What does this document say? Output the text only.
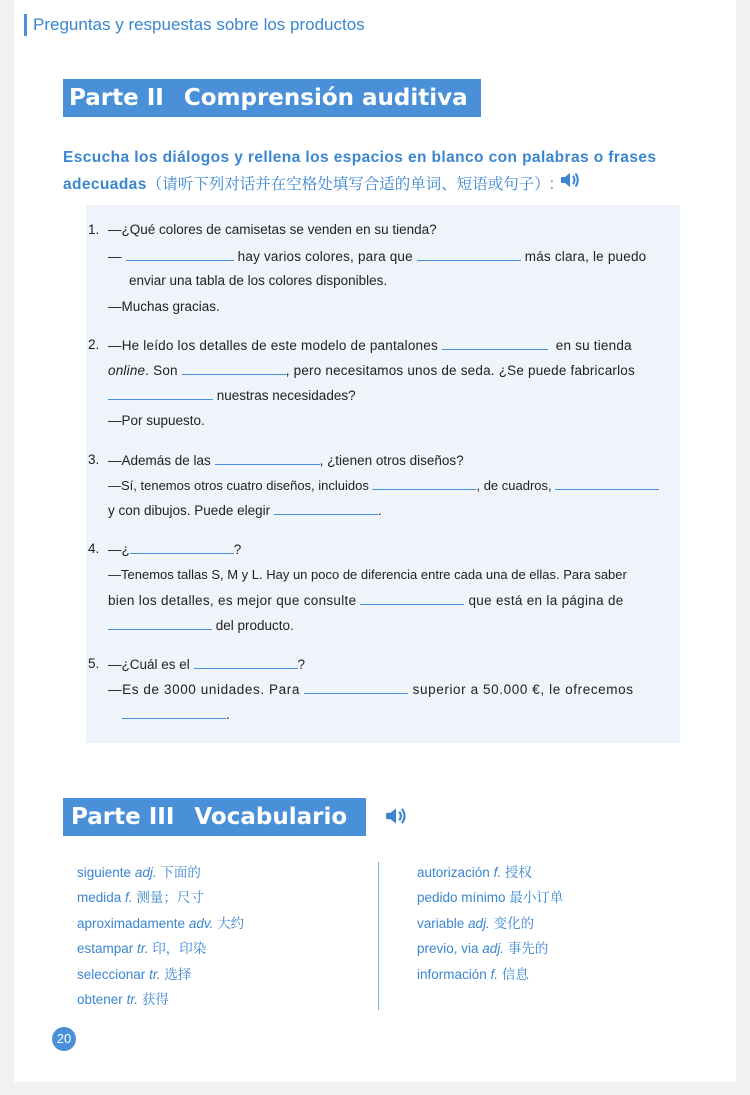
Preguntas y respuestas sobre los productos
Parte II Comprensión auditiva
Escucha los diálogos y rellena los espacios en blanco con palabras o frases
adecuadas（请听下列对话并在空格处填写合适的单词、短语或句子）:
1. —¿Qué colores de camisetas se venden en su tienda?
—	hay varios colores, para que	más clara, le puedo
enviar una tabla de los colores disponibles.
—Muchas gracias.
2. —He leído los detalles de este modelo de pantalones	en su tienda
online. Son	, pero necesitamos unos de seda. ¿Se puede fabricarlos
nuestras necesidades?
—Por supuesto.
3. —Además de las	, ¿tienen otros diseños?
—Sí, tenemos otros cuatro diseños, incluidos	, de cuadros,
y con dibujos. Puede elegir	.
4. —¿	?
—Tenemos tallas S, M y L. Hay un poco de diferencia entre cada una de ellas. Para saber
bien los detalles, es mejor que consulte	que está en la página de
del producto.
5. —¿Cuál es el	?
—Es de 3000 unidades. Para	superior a 50.000 €, le ofrecemos
.
Parte III Vocabulario
siguiente adj. 下面的
medida f. 测量；尺寸
aproximadamente adv. 大约
estampar tr. 印，印染
seleccionar tr. 选择
obtener tr. 获得
autorización f. 授权
pedido mínimo 最小订单
variable adj. 变化的
previo, via adj. 事先的
información f. 信息
20
